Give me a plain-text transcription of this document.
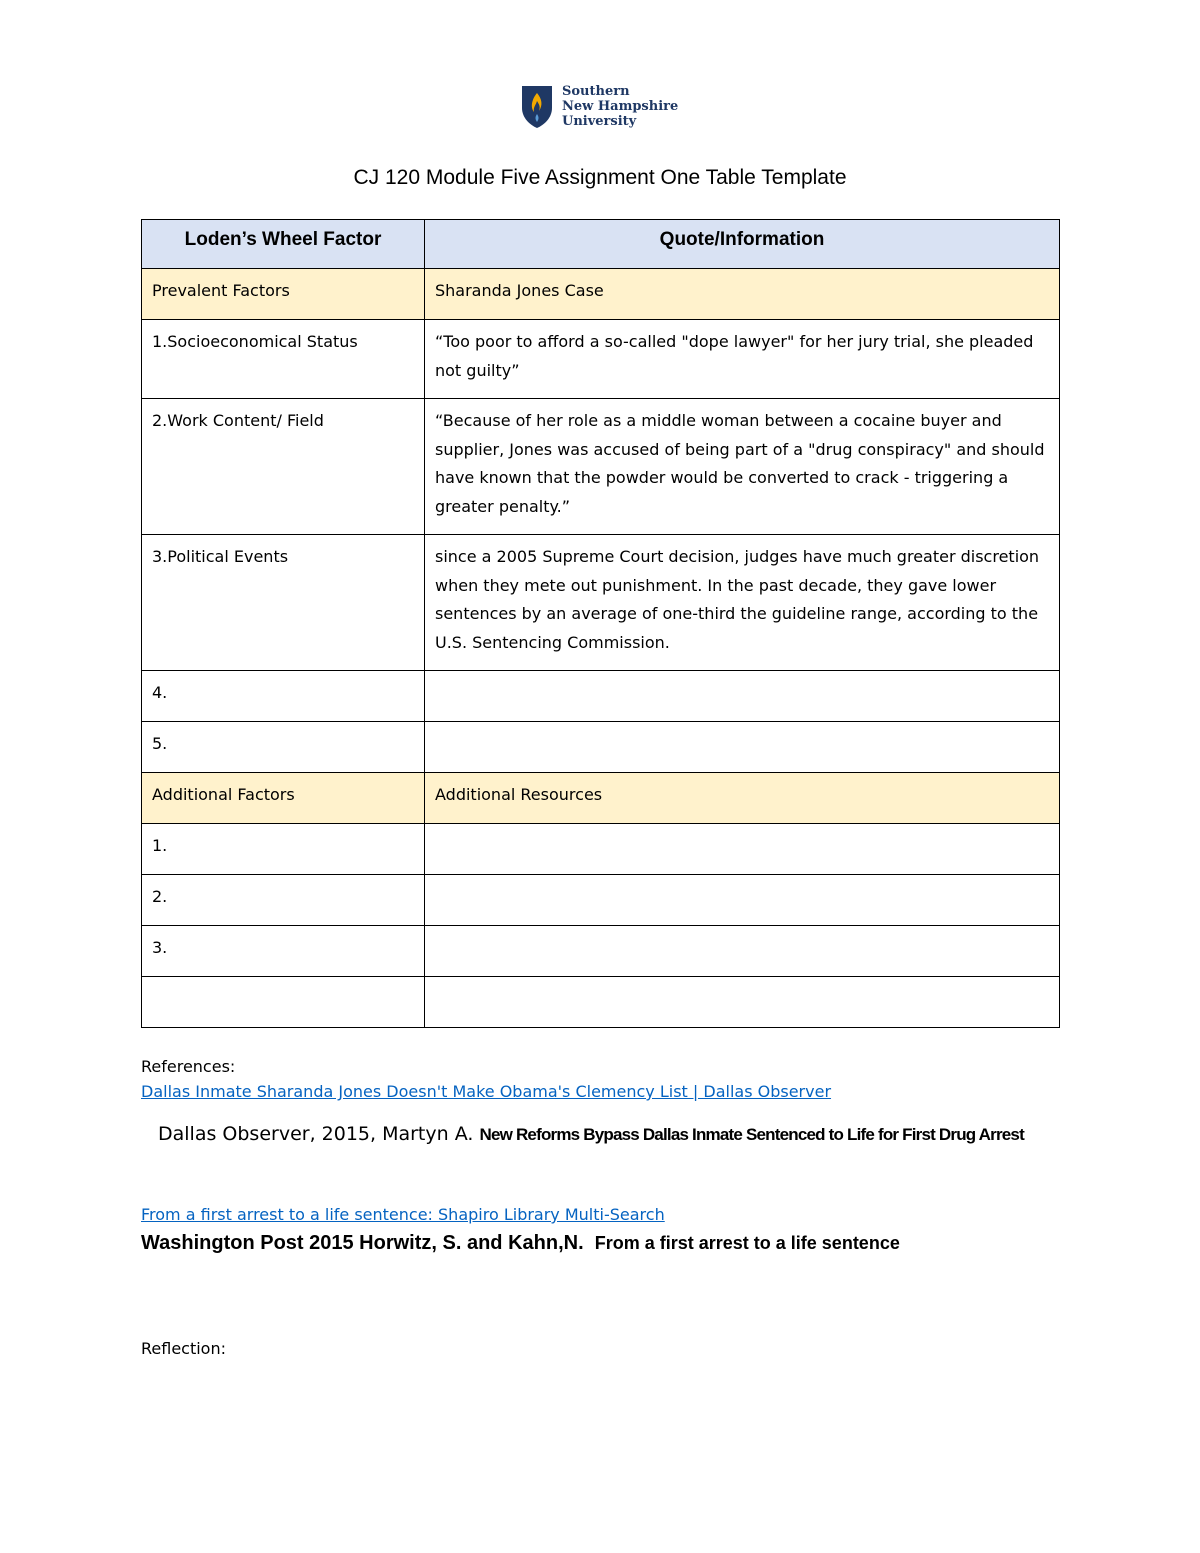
Southern
New Hampshire
University
CJ 120 Module Five Assignment One Table Template
Loden’s Wheel Factor	Quote/Information
Prevalent Factors	Sharanda Jones Case
1.Socioeconomical Status	“Too poor to afford a so-called "dope lawyer" for her jury trial, she pleaded not guilty”
2.Work Content/ Field	“Because of her role as a middle woman between a cocaine buyer and supplier, Jones was accused of being part of a "drug conspiracy" and should have known that the powder would be converted to crack - triggering a greater penalty.”
3.Political Events	since a 2005 Supreme Court decision, judges have much greater discretion when they mete out punishment. In the past decade, they gave lower sentences by an average of one-third the guideline range, according to the U.S. Sentencing Commission.
4.	
5.	
Additional Factors	Additional Resources
1.	
2.	
3.	

References:
Dallas Inmate Sharanda Jones Doesn't Make Obama's Clemency List | Dallas Observer
Dallas Observer, 2015, Martyn A. New Reforms Bypass Dallas Inmate Sentenced to Life for First Drug Arrest
From a first arrest to a life sentence: Shapiro Library Multi-Search
Washington Post 2015 Horwitz, S. and Kahn,N. From a first arrest to a life sentence
Reflection:
